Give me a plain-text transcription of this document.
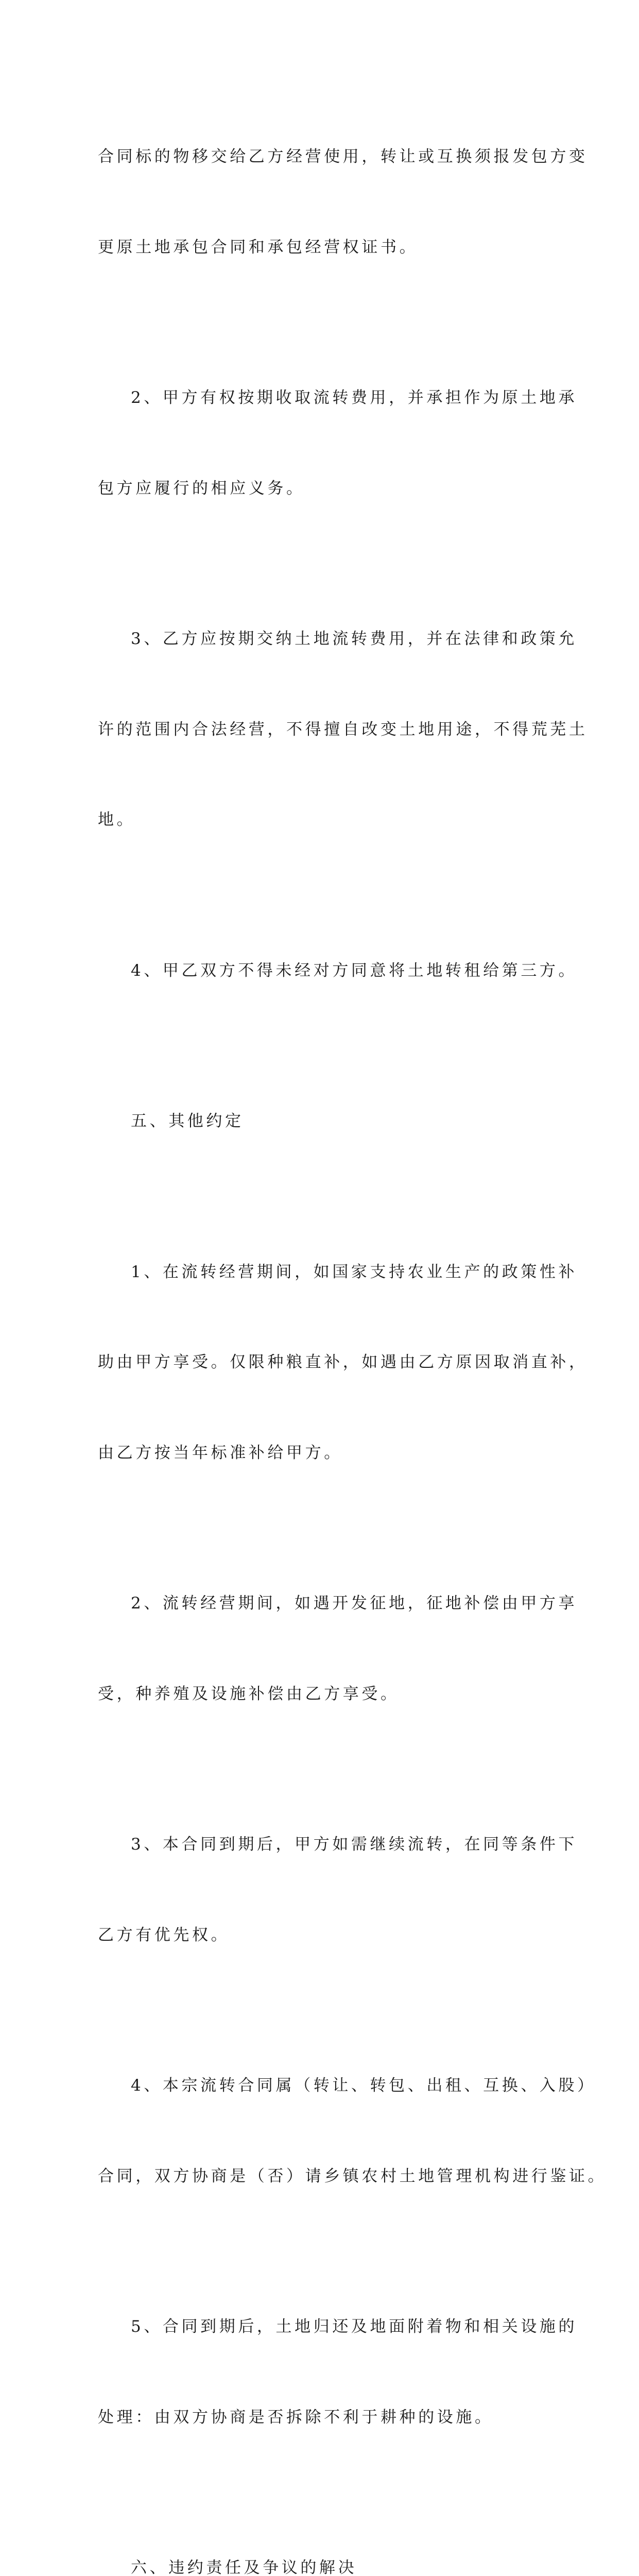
合同标的物移交给乙方经营使用，转让或互换须报发包方变

更原土地承包合同和承包经营权证书。

2、甲方有权按期收取流转费用，并承担作为原土地承

包方应履行的相应义务。

3、乙方应按期交纳土地流转费用，并在法律和政策允

许的范围内合法经营，不得擅自改变土地用途，不得荒芜土

地。

4、甲乙双方不得未经对方同意将土地转租给第三方。

五、其他约定

1、在流转经营期间，如国家支持农业生产的政策性补

助由甲方享受。仅限种粮直补，如遇由乙方原因取消直补，

由乙方按当年标准补给甲方。

2、流转经营期间，如遇开发征地，征地补偿由甲方享

受，种养殖及设施补偿由乙方享受。

3、本合同到期后，甲方如需继续流转，在同等条件下

乙方有优先权。

4、本宗流转合同属（转让、转包、出租、互换、入股）

合同，双方协商是（否）请乡镇农村土地管理机构进行鉴证。

5、合同到期后，土地归还及地面附着物和相关设施的

处理：由双方协商是否拆除不利于耕种的设施。

六、违约责任及争议的解决
